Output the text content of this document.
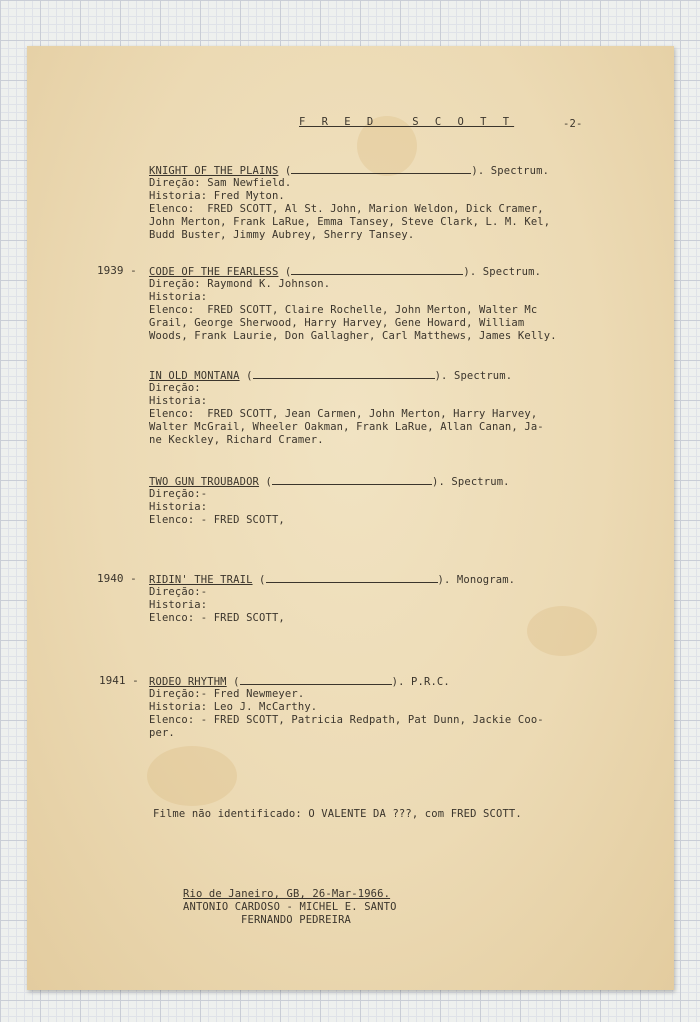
F R E D   S C O T T	-2-
KNIGHT OF THE PLAINS (	). Spectrum.
Direção: Sam Newfield.
Historia: Fred Myton.
Elenco:  FRED SCOTT, Al St. John, Marion Weldon, Dick Cramer,
John Merton, Frank LaRue, Emma Tansey, Steve Clark, L. M. Kel,
Budd Buster, Jimmy Aubrey, Sherry Tansey.
1939 - CODE OF THE FEARLESS (	). Spectrum.
Direção: Raymond K. Johnson.
Historia:
Elenco:  FRED SCOTT, Claire Rochelle, John Merton, Walter Mc
Grail, George Sherwood, Harry Harvey, Gene Howard, William
Woods, Frank Laurie, Don Gallagher, Carl Matthews, James Kelly.
IN OLD MONTANA (	). Spectrum.
Direção:
Historia:
Elenco:  FRED SCOTT, Jean Carmen, John Merton, Harry Harvey,
Walter McGrail, Wheeler Oakman, Frank LaRue, Allan Canan, Ja-
ne Keckley, Richard Cramer.
TWO GUN TROUBADOR (	). Spectrum.
Direção:-
Historia:
Elenco: - FRED SCOTT,
1940 - RIDIN' THE TRAIL (	). Monogram.
Direção:-
Historia:
Elenco: - FRED SCOTT,
1941 - RODEO RHYTHM (	). P.R.C.
Direção:- Fred Newmeyer.
Historia: Leo J. McCarthy.
Elenco: - FRED SCOTT, Patricia Redpath, Pat Dunn, Jackie Coo-
per.
Filme não identificado: O VALENTE DA ???, com FRED SCOTT.
Rio de Janeiro, GB, 26-Mar-1966.
ANTONIO CARDOSO - MICHEL E. SANTO
FERNANDO PEDREIRA
